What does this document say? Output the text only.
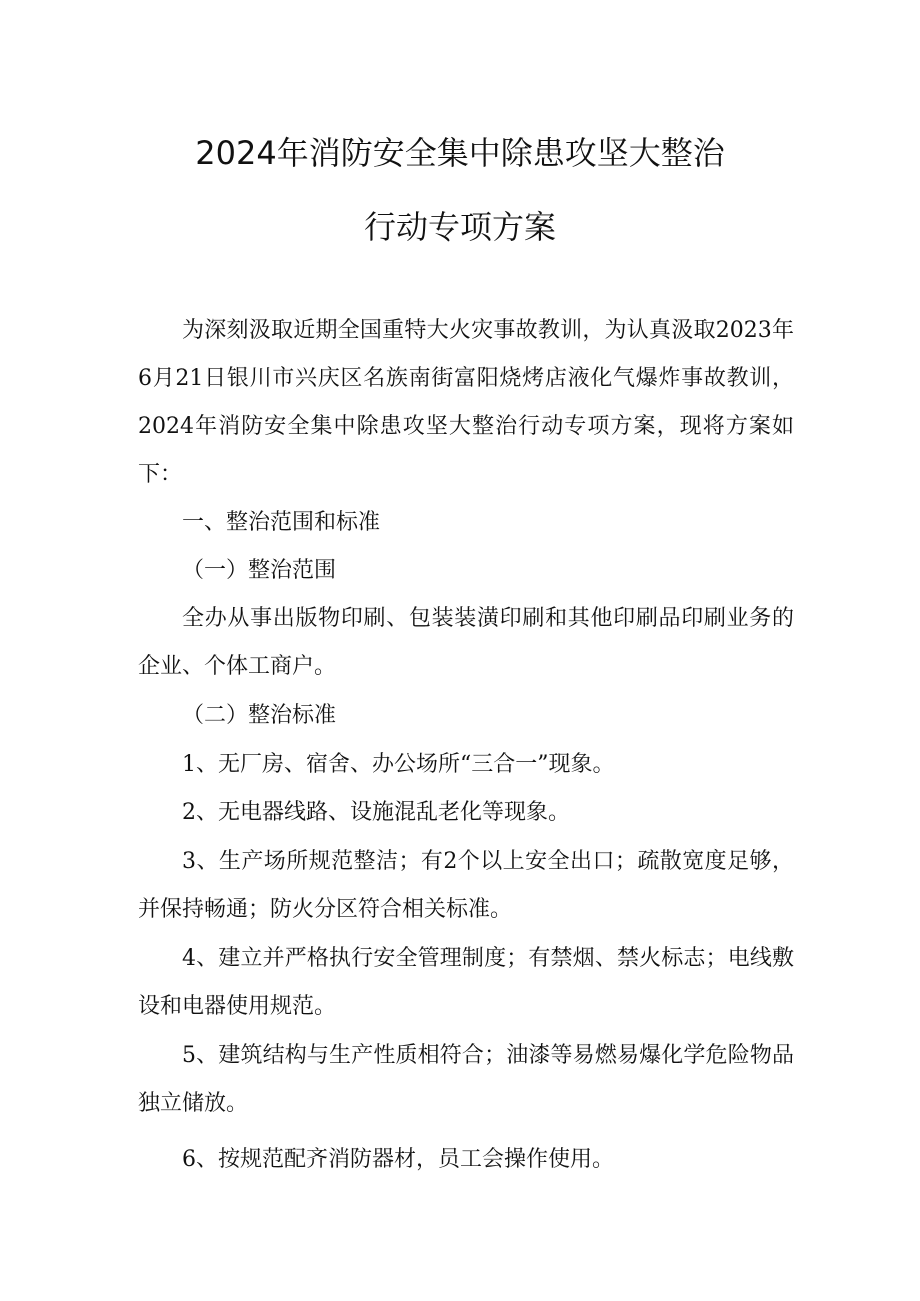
2024年消防安全集中除患攻坚大整治
行动专项方案

为深刻汲取近期全国重特大火灾事故教训，为认真汲取2023年6月21日银川市兴庆区名族南街富阳烧烤店液化气爆炸事故教训，2024年消防安全集中除患攻坚大整治行动专项方案，现将方案如下：

一、整治范围和标准

（一）整治范围

全办从事出版物印刷、包装装潢印刷和其他印刷品印刷业务的企业、个体工商户。

（二）整治标准

1、无厂房、宿舍、办公场所“三合一”现象。

2、无电器线路、设施混乱老化等现象。

3、生产场所规范整洁；有2个以上安全出口；疏散宽度足够，并保持畅通；防火分区符合相关标准。

4、建立并严格执行安全管理制度；有禁烟、禁火标志；电线敷设和电器使用规范。

5、建筑结构与生产性质相符合；油漆等易燃易爆化学危险物品独立储放。

6、按规范配齐消防器材，员工会操作使用。
